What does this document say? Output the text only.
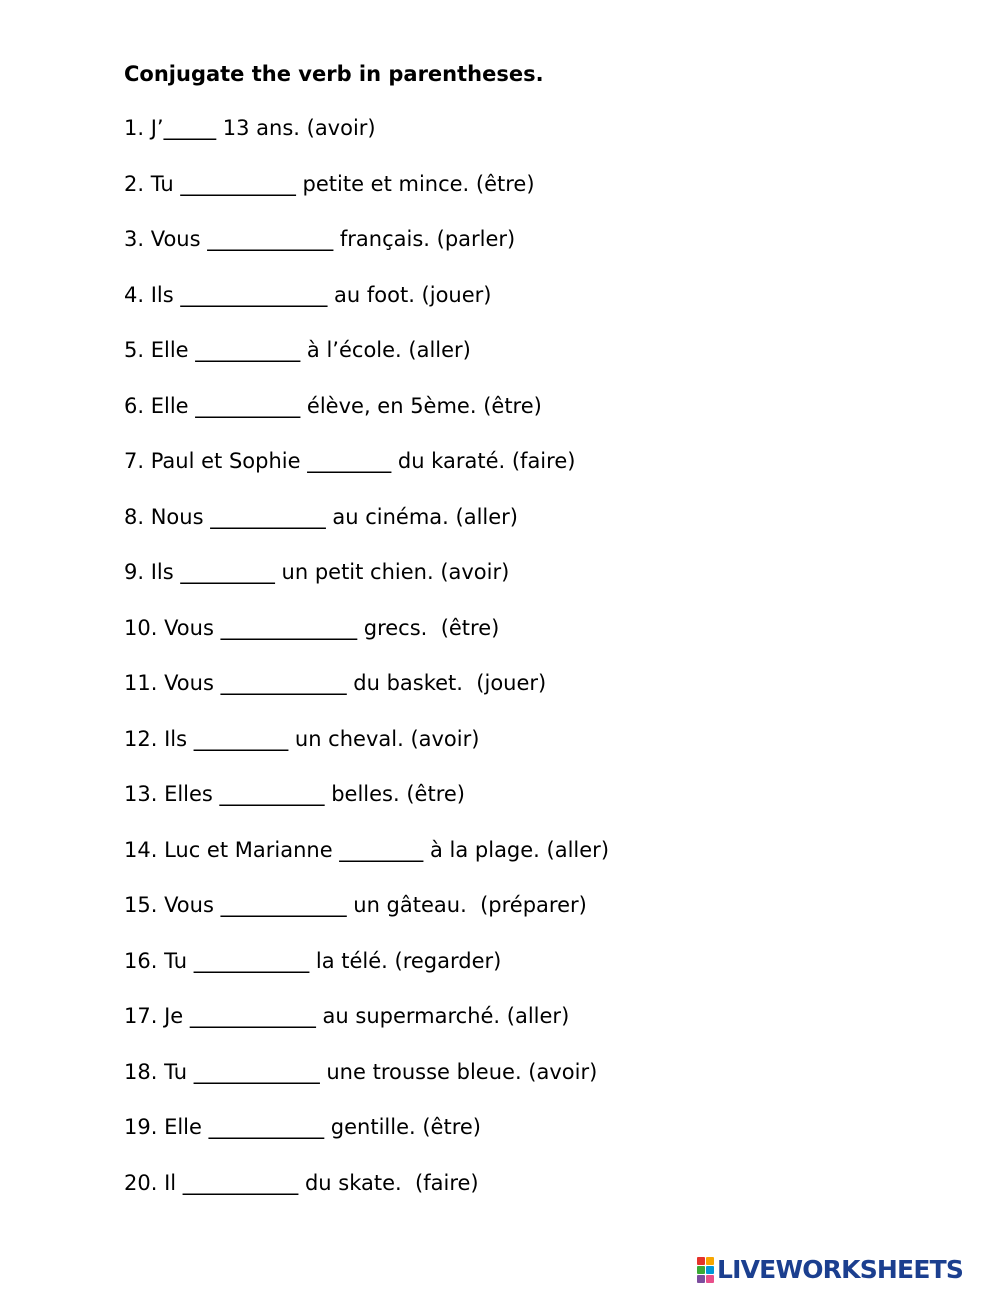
Conjugate the verb in parentheses.
1. J’_____ 13 ans. (avoir)
2. Tu ___________ petite et mince. (être)
3. Vous ____________ français. (parler)
4. Ils ______________ au foot. (jouer)
5. Elle __________ à l’école. (aller)
6. Elle __________ élève, en 5ème. (être)
7. Paul et Sophie ________ du karaté. (faire)
8. Nous ___________ au cinéma. (aller)
9. Ils _________ un petit chien. (avoir)
10. Vous _____________ grecs.  (être)
11. Vous ____________ du basket.  (jouer)
12. Ils _________ un cheval. (avoir)
13. Elles __________ belles. (être)
14. Luc et Marianne ________ à la plage. (aller)
15. Vous ____________ un gâteau.  (préparer)
16. Tu ___________ la télé. (regarder)
17. Je ____________ au supermarché. (aller)
18. Tu ____________ une trousse bleue. (avoir)
19. Elle ___________ gentille. (être)
20. Il ___________ du skate.  (faire)
LIVEWORKSHEETS
